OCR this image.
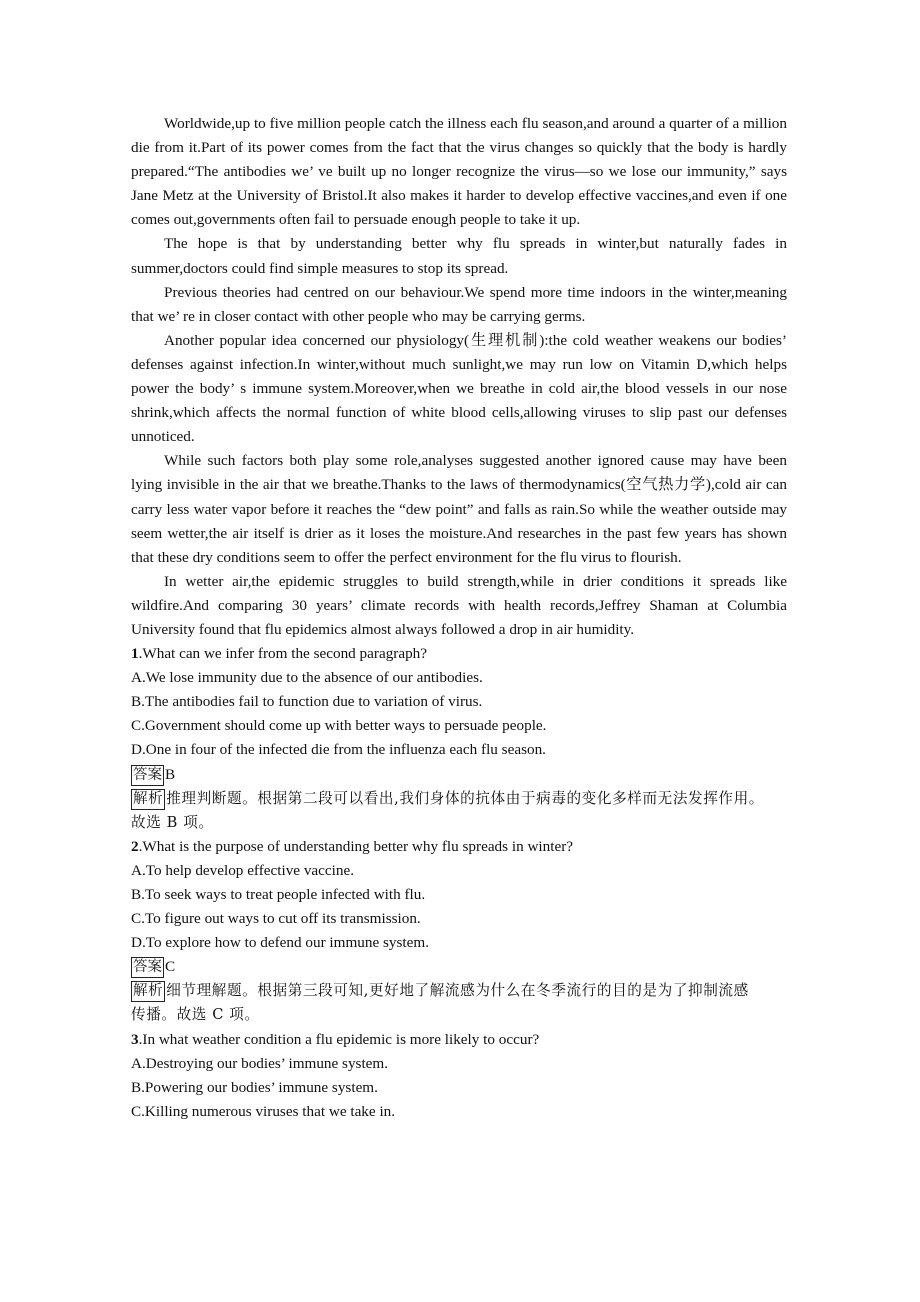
Worldwide,up to five million people catch the illness each flu season,and around a quarter of a million die from it.Part of its power comes from the fact that the virus changes so quickly that the body is hardly prepared.“The antibodies we’ ve built up no longer recognize the virus—so we lose our immunity,” says Jane Metz at the University of Bristol.It also makes it harder to develop effective vaccines,and even if one comes out,governments often fail to persuade enough people to take it up.

The hope is that by understanding better why flu spreads in winter,but naturally fades in summer,doctors could find simple measures to stop its spread.

Previous theories had centred on our behaviour.We spend more time indoors in the winter,meaning that we’ re in closer contact with other people who may be carrying germs.

Another popular idea concerned our physiology(生理机制):the cold weather weakens our bodies’ defenses against infection.In winter,without much sunlight,we may run low on Vitamin D,which helps power the body’ s immune system.Moreover,when we breathe in cold air,the blood vessels in our nose shrink,which affects the normal function of white blood cells,allowing viruses to slip past our defenses unnoticed.

While such factors both play some role,analyses suggested another ignored cause may have been lying invisible in the air that we breathe.Thanks to the laws of thermodynamics(空气热力学),cold air can carry less water vapor before it reaches the “dew point” and falls as rain.So while the weather outside may seem wetter,the air itself is drier as it loses the moisture.And researches in the past few years has shown that these dry conditions seem to offer the perfect environment for the flu virus to flourish.

In wetter air,the epidemic struggles to build strength,while in drier conditions it spreads like wildfire.And comparing 30 years’ climate records with health records,Jeffrey Shaman at Columbia University found that flu epidemics almost always followed a drop in air humidity.

1.What can we infer from the second paragraph?

A.We lose immunity due to the absence of our antibodies.

B.The antibodies fail to function due to variation of virus.

C.Government should come up with better ways to persuade people.

D.One in four of the infected die from the influenza each flu season.

答案 B

解析 推理判断题。根据第二段可以看出,我们身体的抗体由于病毒的变化多样而无法发挥作用。

故选 B 项。

2.What is the purpose of understanding better why flu spreads in winter?

A.To help develop effective vaccine.

B.To seek ways to treat people infected with flu.

C.To figure out ways to cut off its transmission.

D.To explore how to defend our immune system.

答案 C

解析 细节理解题。根据第三段可知,更好地了解流感为什么在冬季流行的目的是为了抑制流感

传播。故选 C 项。

3.In what weather condition a flu epidemic is more likely to occur?

A.Destroying our bodies’ immune system.

B.Powering our bodies’ immune system.

C.Killing numerous viruses that we take in.
